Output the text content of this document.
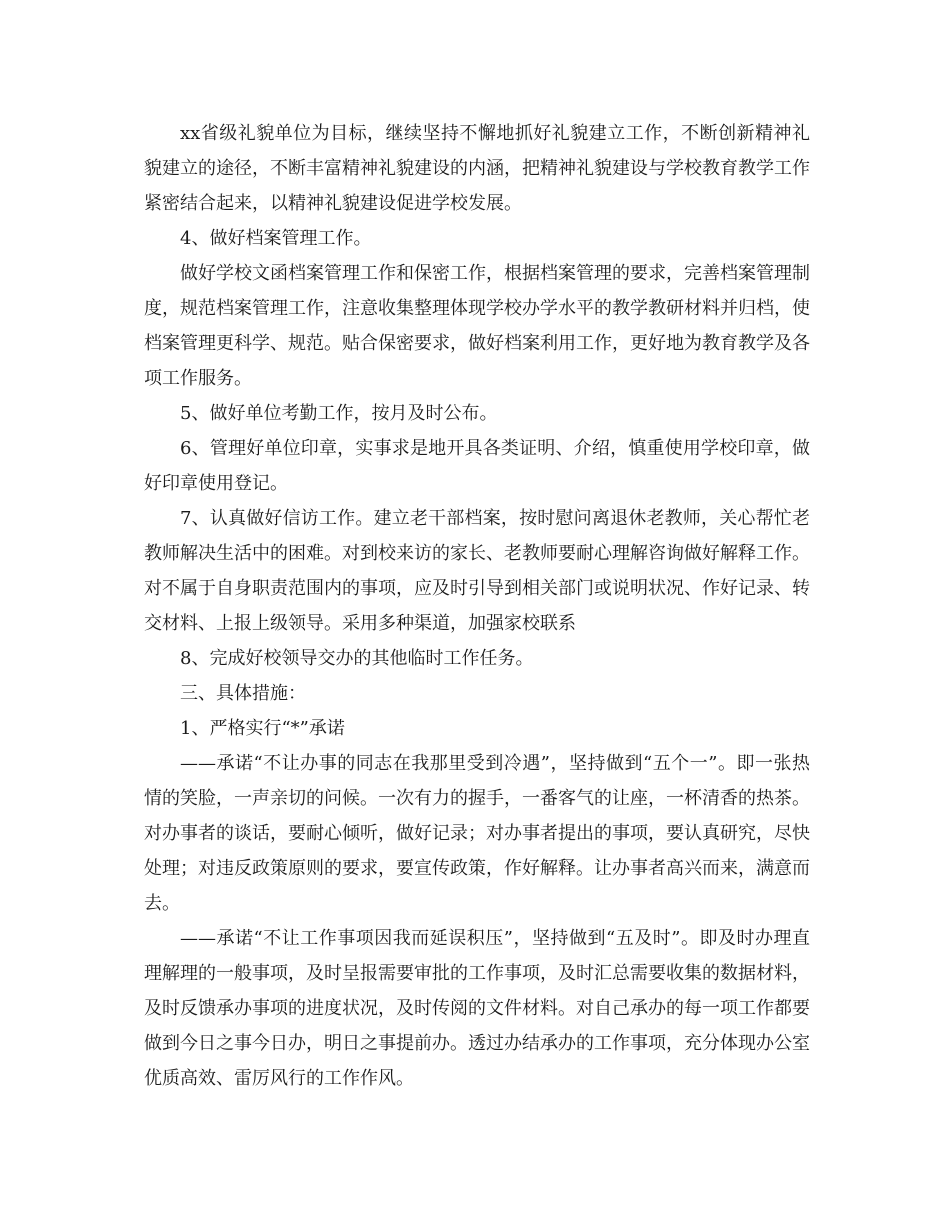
xx省级礼貌单位为目标，继续坚持不懈地抓好礼貌建立工作，不断创新精神礼貌建立的途径，不断丰富精神礼貌建设的内涵，把精神礼貌建设与学校教育教学工作紧密结合起来，以精神礼貌建设促进学校发展。

4、做好档案管理工作。

做好学校文函档案管理工作和保密工作，根据档案管理的要求，完善档案管理制度，规范档案管理工作，注意收集整理体现学校办学水平的教学教研材料并归档，使档案管理更科学、规范。贴合保密要求，做好档案利用工作，更好地为教育教学及各项工作服务。

5、做好单位考勤工作，按月及时公布。

6、管理好单位印章，实事求是地开具各类证明、介绍，慎重使用学校印章，做好印章使用登记。

7、认真做好信访工作。建立老干部档案，按时慰问离退休老教师，关心帮忙老教师解决生活中的困难。对到校来访的家长、老教师要耐心理解咨询做好解释工作。对不属于自身职责范围内的事项，应及时引导到相关部门或说明状况、作好记录、转交材料、上报上级领导。采用多种渠道，加强家校联系

8、完成好校领导交办的其他临时工作任务。

三、具体措施：

1、严格实行“*”承诺

——承诺“不让办事的同志在我那里受到冷遇”，坚持做到“五个一”。即一张热情的笑脸，一声亲切的问候。一次有力的握手，一番客气的让座，一杯清香的热茶。对办事者的谈话，要耐心倾听，做好记录；对办事者提出的事项，要认真研究，尽快处理；对违反政策原则的要求，要宣传政策，作好解释。让办事者高兴而来，满意而去。

——承诺“不让工作事项因我而延误积压”，坚持做到“五及时”。即及时办理直理解理的一般事项，及时呈报需要审批的工作事项，及时汇总需要收集的数据材料，及时反馈承办事项的进度状况，及时传阅的文件材料。对自己承办的每一项工作都要做到今日之事今日办，明日之事提前办。透过办结承办的工作事项，充分体现办公室优质高效、雷厉风行的工作作风。
